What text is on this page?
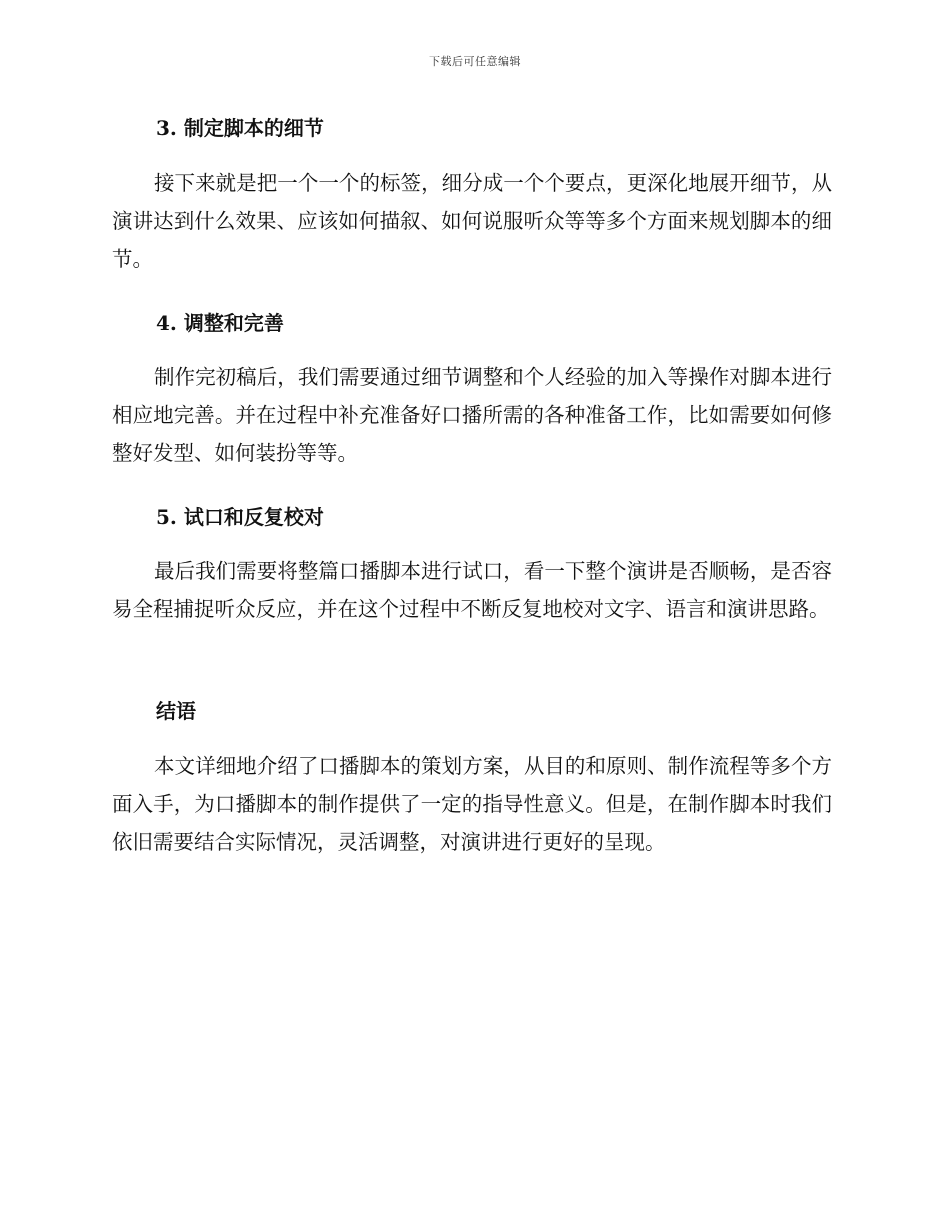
下载后可任意编辑
3. 制定脚本的细节
接下来就是把一个一个的标签，细分成一个个要点，更深化地展开细节，从演讲达到什么效果、应该如何描叙、如何说服听众等等多个方面来规划脚本的细节。
4. 调整和完善
制作完初稿后，我们需要通过细节调整和个人经验的加入等操作对脚本进行相应地完善。并在过程中补充准备好口播所需的各种准备工作，比如需要如何修整好发型、如何装扮等等。
5. 试口和反复校对
最后我们需要将整篇口播脚本进行试口，看一下整个演讲是否顺畅，是否容易全程捕捉听众反应，并在这个过程中不断反复地校对文字、语言和演讲思路。
结语
本文详细地介绍了口播脚本的策划方案，从目的和原则、制作流程等多个方面入手，为口播脚本的制作提供了一定的指导性意义。但是，在制作脚本时我们依旧需要结合实际情况，灵活调整，对演讲进行更好的呈现。
